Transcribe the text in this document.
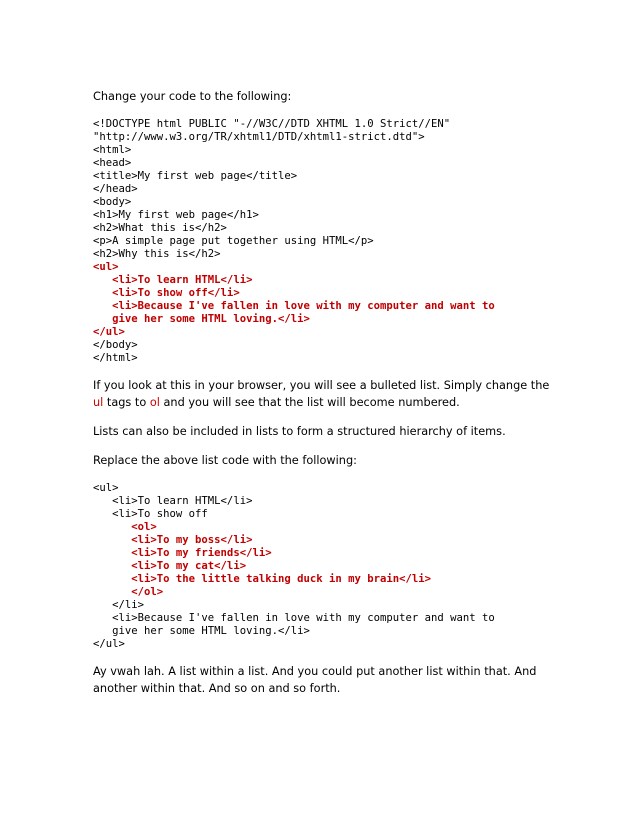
Change your code to the following:

<!DOCTYPE html PUBLIC "-//W3C//DTD XHTML 1.0 Strict//EN"
"http://www.w3.org/TR/xhtml1/DTD/xhtml1-strict.dtd">
<html>
<head>
<title>My first web page</title>
</head>
<body>
<h1>My first web page</h1>
<h2>What this is</h2>
<p>A simple page put together using HTML</p>
<h2>Why this is</h2>
<ul>
<li>To learn HTML</li>
<li>To show off</li>
<li>Because I've fallen in love with my computer and want to
give her some HTML loving.</li>
</ul>
</body>
</html>

If you look at this in your browser, you will see a bulleted list. Simply change the ul tags to ol and you will see that the list will become numbered.

Lists can also be included in lists to form a structured hierarchy of items.

Replace the above list code with the following:

<ul>
<li>To learn HTML</li>
<li>To show off
<ol>
<li>To my boss</li>
<li>To my friends</li>
<li>To my cat</li>
<li>To the little talking duck in my brain</li>
</ol>
</li>
<li>Because I've fallen in love with my computer and want to
give her some HTML loving.</li>
</ul>

Ay vwah lah. A list within a list. And you could put another list within that. And another within that. And so on and so forth.
